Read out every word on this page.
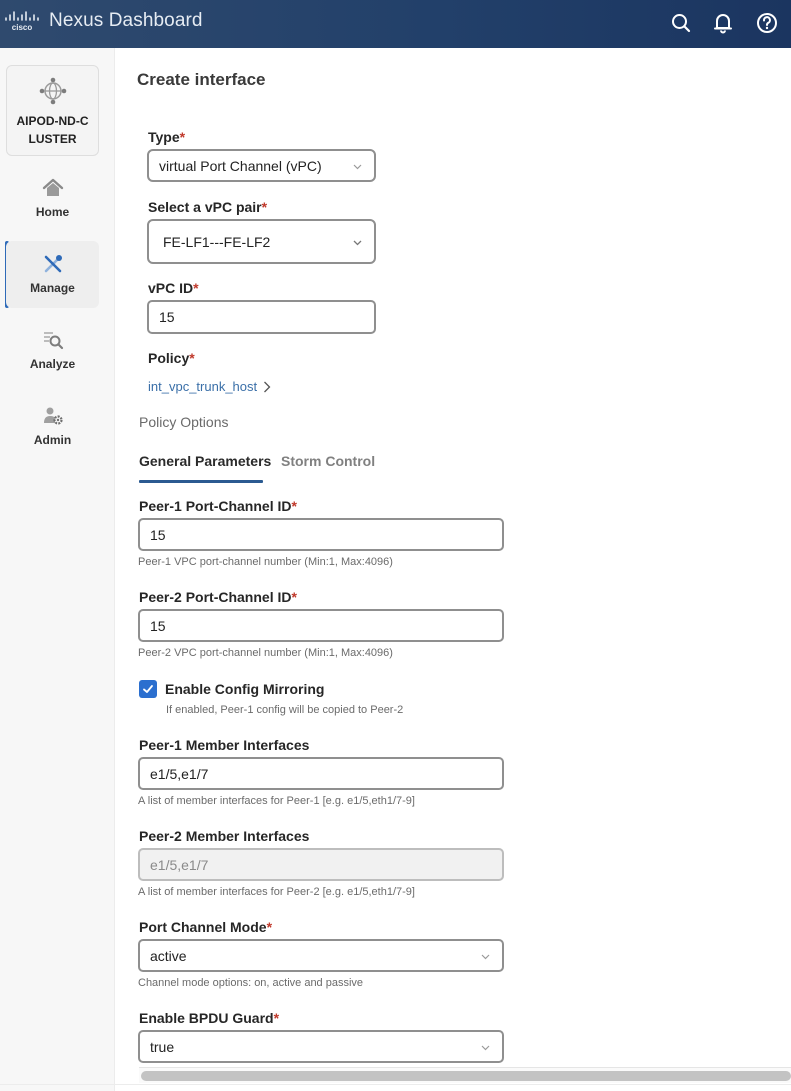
cisco Nexus Dashboard
AIPOD-ND-CLUSTER
Home
Manage
Analyze
Admin
Create interface
Type*
virtual Port Channel (vPC)
Select a vPC pair*
FE-LF1---FE-LF2
vPC ID*
15
Policy*
int_vpc_trunk_host
Policy Options
General Parameters Storm Control
Peer-1 Port-Channel ID*
15
Peer-1 VPC port-channel number (Min:1, Max:4096)
Peer-2 Port-Channel ID*
15
Peer-2 VPC port-channel number (Min:1, Max:4096)
Enable Config Mirroring
If enabled, Peer-1 config will be copied to Peer-2
Peer-1 Member Interfaces
e1/5,e1/7
A list of member interfaces for Peer-1 [e.g. e1/5,eth1/7-9]
Peer-2 Member Interfaces
e1/5,e1/7
A list of member interfaces for Peer-2 [e.g. e1/5,eth1/7-9]
Port Channel Mode*
active
Channel mode options: on, active and passive
Enable BPDU Guard*
true
